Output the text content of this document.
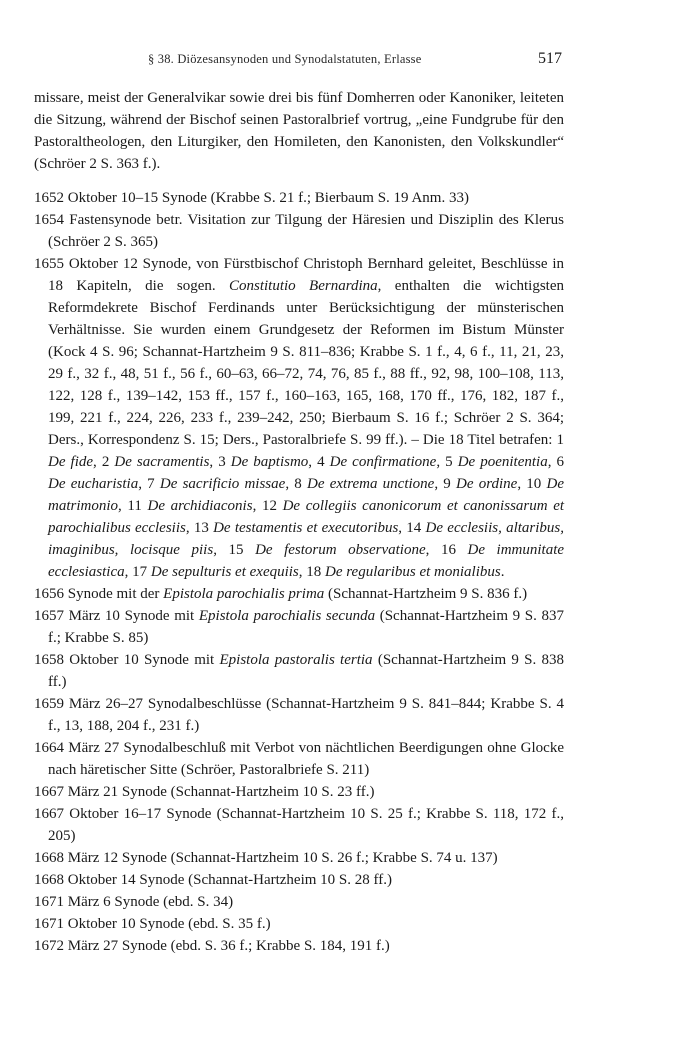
§ 38. Diözesansynoden und Synodalstatuten, Erlasse	517

missare, meist der Generalvikar sowie drei bis fünf Domherren oder Kanoniker, leiteten die Sitzung, während der Bischof seinen Pastoralbrief vortrug, „eine Fundgrube für den Pastoraltheologen, den Liturgiker, den Homileten, den Kanonisten, den Volkskundler“ (Schröer 2 S. 363 f.).

1652 Oktober 10–15 Synode (Krabbe S. 21 f.; Bierbaum S. 19 Anm. 33)
1654 Fastensynode betr. Visitation zur Tilgung der Häresien und Disziplin des Klerus (Schröer 2 S. 365)
1655 Oktober 12 Synode, von Fürstbischof Christoph Bernhard geleitet, Beschlüsse in 18 Kapiteln, die sogen. Constitutio Bernardina, enthalten die wichtigsten Reformdekrete Bischof Ferdinands unter Berücksichtigung der münsterischen Verhältnisse. Sie wurden einem Grundgesetz der Reformen im Bistum Münster (Kock 4 S. 96; Schannat-Hartzheim 9 S. 811–836; Krabbe S. 1 f., 4, 6 f., 11, 21, 23, 29 f., 32 f., 48, 51 f., 56 f., 60–63, 66–72, 74, 76, 85 f., 88 ff., 92, 98, 100–108, 113, 122, 128 f., 139–142, 153 ff., 157 f., 160–163, 165, 168, 170 ff., 176, 182, 187 f., 199, 221 f., 224, 226, 233 f., 239–242, 250; Bierbaum S. 16 f.; Schröer 2 S. 364; Ders., Korrespondenz S. 15; Ders., Pastoralbriefe S. 99 ff.). – Die 18 Titel betrafen: 1 De fide, 2 De sacramentis, 3 De baptismo, 4 De confirmatione, 5 De poenitentia, 6 De eucharistia, 7 De sacrificio missae, 8 De extrema unctione, 9 De ordine, 10 De matrimonio, 11 De archidiaconis, 12 De collegiis canonicorum et canonissarum et parochialibus ecclesiis, 13 De testamentis et executoribus, 14 De ecclesiis, altaribus, imaginibus, locisque piis, 15 De festorum observatione, 16 De immunitate ecclesiastica, 17 De sepulturis et exequiis, 18 De regularibus et monialibus.
1656 Synode mit der Epistola parochialis prima (Schannat-Hartzheim 9 S. 836 f.)
1657 März 10 Synode mit Epistola parochialis secunda (Schannat-Hartzheim 9 S. 837 f.; Krabbe S. 85)
1658 Oktober 10 Synode mit Epistola pastoralis tertia (Schannat-Hartzheim 9 S. 838 ff.)
1659 März 26–27 Synodalbeschlüsse (Schannat-Hartzheim 9 S. 841–844; Krabbe S. 4 f., 13, 188, 204 f., 231 f.)
1664 März 27 Synodalbeschluß mit Verbot von nächtlichen Beerdigungen ohne Glocke nach häretischer Sitte (Schröer, Pastoralbriefe S. 211)
1667 März 21 Synode (Schannat-Hartzheim 10 S. 23 ff.)
1667 Oktober 16–17 Synode (Schannat-Hartzheim 10 S. 25 f.; Krabbe S. 118, 172 f., 205)
1668 März 12 Synode (Schannat-Hartzheim 10 S. 26 f.; Krabbe S. 74 u. 137)
1668 Oktober 14 Synode (Schannat-Hartzheim 10 S. 28 ff.)
1671 März 6 Synode (ebd. S. 34)
1671 Oktober 10 Synode (ebd. S. 35 f.)
1672 März 27 Synode (ebd. S. 36 f.; Krabbe S. 184, 191 f.)
